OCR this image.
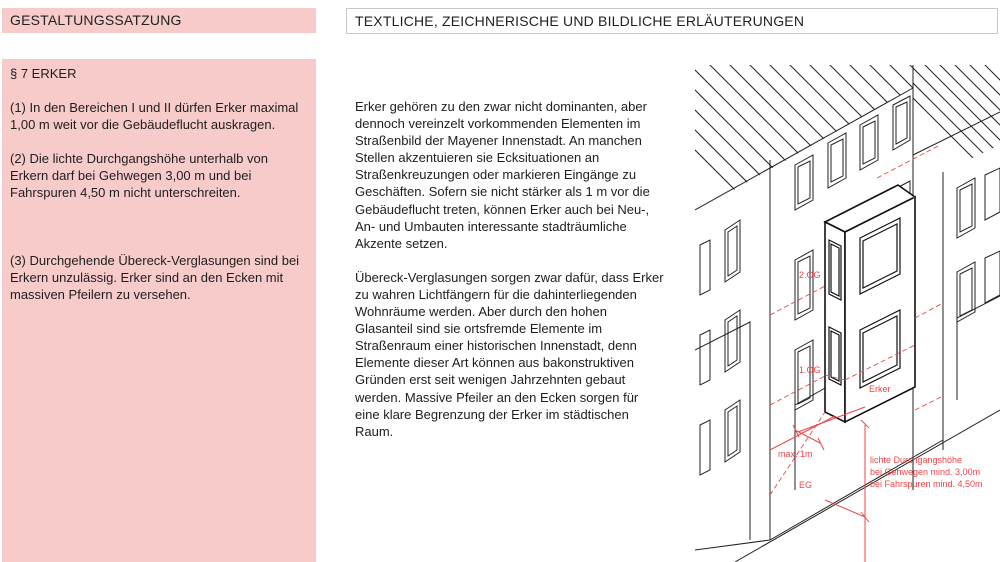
GESTALTUNGSSATZUNG	TEXTLICHE, ZEICHNERISCHE UND BILDLICHE ERLÄUTERUNGEN
§ 7 ERKER

(1) In den Bereichen I und II dürfen Erker maximal 1,00 m weit vor die Gebäudeflucht auskragen.

(2) Die lichte Durchgangshöhe unterhalb von Erkern darf bei Gehwegen 3,00 m und bei Fahrspuren 4,50 m nicht unterschreiten.

(3) Durchgehende Übereck-Verglasungen sind bei Erkern unzulässig. Erker sind an den Ecken mit massiven Pfeilern zu versehen.

Erker gehören zu den zwar nicht dominanten, aber dennoch vereinzelt vorkommenden Elementen im Straßenbild der Mayener Innenstadt. An manchen Stellen akzentuieren sie Ecksituationen an Straßenkreuzungen oder markieren Eingänge zu Geschäften. Sofern sie nicht stärker als 1 m vor die Gebäudeflucht treten, können Erker auch bei Neu-, An- und Umbauten interessante stadträumliche Akzente setzen.

Übereck-Verglasungen sorgen zwar dafür, dass Erker zu wahren Lichtfängern für die dahinterliegenden Wohnräume werden. Aber durch den hohen Glasanteil sind sie ortsfremde Elemente im Straßenraum einer historischen Innenstadt, denn Elemente dieser Art können aus bakonstruktiven Gründen erst seit wenigen Jahrzehnten gebaut werden. Massive Pfeiler an den Ecken sorgen für eine klare Begrenzung der Erker im städtischen Raum.

2.OG
1.OG
Erker
max. 1m
EG
lichte Durchgangshöhe
bei Gehwegen mind. 3,00m
bei Fahrspuren mind. 4,50m
